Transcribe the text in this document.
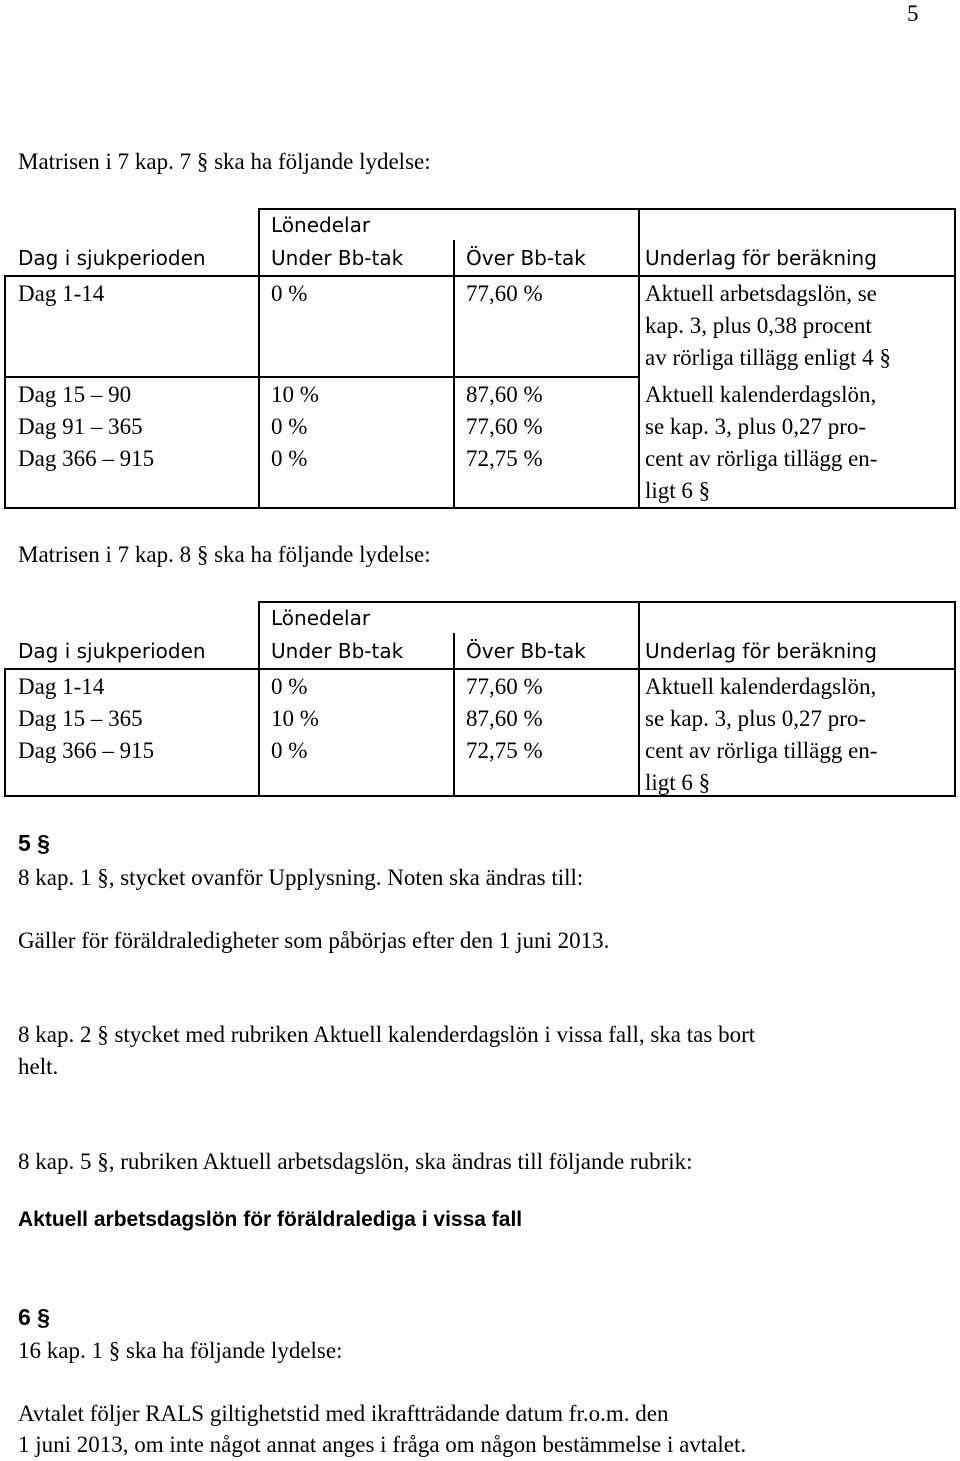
5
Matrisen i 7 kap. 7 § ska ha följande lydelse:
Lönedelar
Dag i sjukperioden	Under Bb-tak	Över Bb-tak	Underlag för beräkning
Dag 1-14	0 %	77,60 %	Aktuell arbetsdagslön, se
kap. 3, plus 0,38 procent
av rörliga tillägg enligt 4 §
Dag 15 – 90	10 %	87,60 %
Dag 91 – 365	0 %	77,60 %
Dag 366 – 915	0 %	72,75 %
Aktuell kalenderdagslön,
se kap. 3, plus 0,27 pro-
cent av rörliga tillägg en-
ligt 6 §
Matrisen i 7 kap. 8 § ska ha följande lydelse:
Lönedelar
Dag i sjukperioden	Under Bb-tak	Över Bb-tak	Underlag för beräkning
Dag 1-14	0 %	77,60 %
Dag 15 – 365	10 %	87,60 %
Dag 366 – 915	0 %	72,75 %
Aktuell kalenderdagslön,
se kap. 3, plus 0,27 pro-
cent av rörliga tillägg en-
ligt 6 §
5 §
8 kap. 1 §, stycket ovanför Upplysning. Noten ska ändras till:
Gäller för föräldraledigheter som påbörjas efter den 1 juni 2013.
8 kap. 2 § stycket med rubriken Aktuell kalenderdagslön i vissa fall, ska tas bort
helt.
8 kap. 5 §, rubriken Aktuell arbetsdagslön, ska ändras till följande rubrik:
Aktuell arbetsdagslön för föräldralediga i vissa fall
6 §
16 kap. 1 § ska ha följande lydelse:
Avtalet följer RALS giltighetstid med ikraftträdande datum fr.o.m. den
1 juni 2013, om inte något annat anges i fråga om någon bestämmelse i avtalet.
